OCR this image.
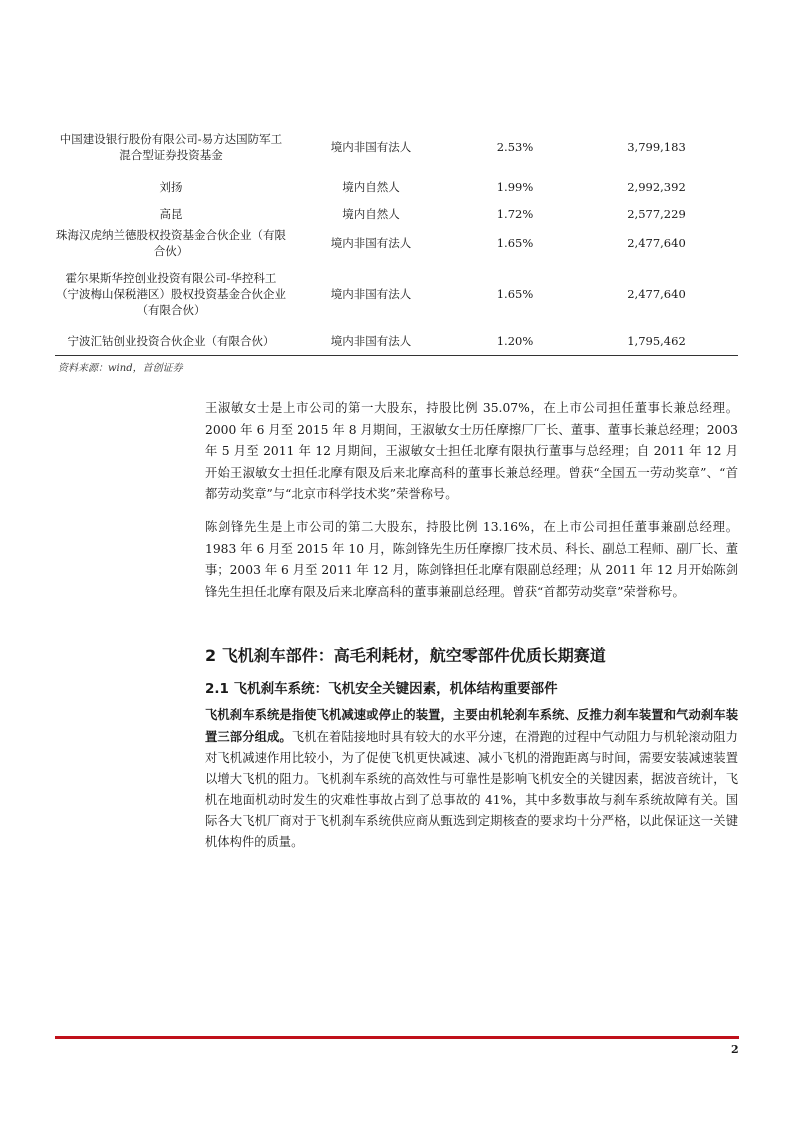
中国建设银行股份有限公司-易方达国防军工混合型证券投资基金	境内非国有法人	2.53%	3,799,183
刘扬	境内自然人	1.99%	2,992,392
高昆	境内自然人	1.72%	2,577,229
珠海汉虎纳兰德股权投资基金合伙企业（有限合伙）	境内非国有法人	1.65%	2,477,640
霍尔果斯华控创业投资有限公司-华控科工（宁波梅山保税港区）股权投资基金合伙企业（有限合伙）	境内非国有法人	1.65%	2,477,640
宁波汇钴创业投资合伙企业（有限合伙）	境内非国有法人	1.20%	1,795,462
资料来源：wind，首创证券

王淑敏女士是上市公司的第一大股东，持股比例 35.07%，在上市公司担任董事长兼总经理。2000 年 6 月至 2015 年 8 月期间，王淑敏女士历任摩擦厂厂长、董事、董事长兼总经理；2003 年 5 月至 2011 年 12 月期间，王淑敏女士担任北摩有限执行董事与总经理；自 2011 年 12 月开始王淑敏女士担任北摩有限及后来北摩高科的董事长兼总经理。曾获“全国五一劳动奖章”、“首都劳动奖章”与“北京市科学技术奖”荣誉称号。

陈剑锋先生是上市公司的第二大股东，持股比例 13.16%，在上市公司担任董事兼副总经理。1983 年 6 月至 2015 年 10 月，陈剑锋先生历任摩擦厂技术员、科长、副总工程师、副厂长、董事；2003 年 6 月至 2011 年 12 月，陈剑锋担任北摩有限副总经理；从 2011 年 12 月开始陈剑锋先生担任北摩有限及后来北摩高科的董事兼副总经理。曾获“首都劳动奖章”荣誉称号。

2 飞机刹车部件：高毛利耗材，航空零部件优质长期赛道
2.1 飞机刹车系统：飞机安全关键因素，机体结构重要部件

飞机刹车系统是指使飞机减速或停止的装置，主要由机轮刹车系统、反推力刹车装置和气动刹车装置三部分组成。飞机在着陆接地时具有较大的水平分速，在滑跑的过程中气动阻力与机轮滚动阻力对飞机减速作用比较小，为了促使飞机更快减速、减小飞机的滑跑距离与时间，需要安装减速装置以增大飞机的阻力。飞机刹车系统的高效性与可靠性是影响飞机安全的关键因素，据波音统计，飞机在地面机动时发生的灾难性事故占到了总事故的 41%，其中多数事故与刹车系统故障有关。国际各大飞机厂商对于飞机刹车系统供应商从甄选到定期核查的要求均十分严格，以此保证这一关键机体构件的质量。

2
